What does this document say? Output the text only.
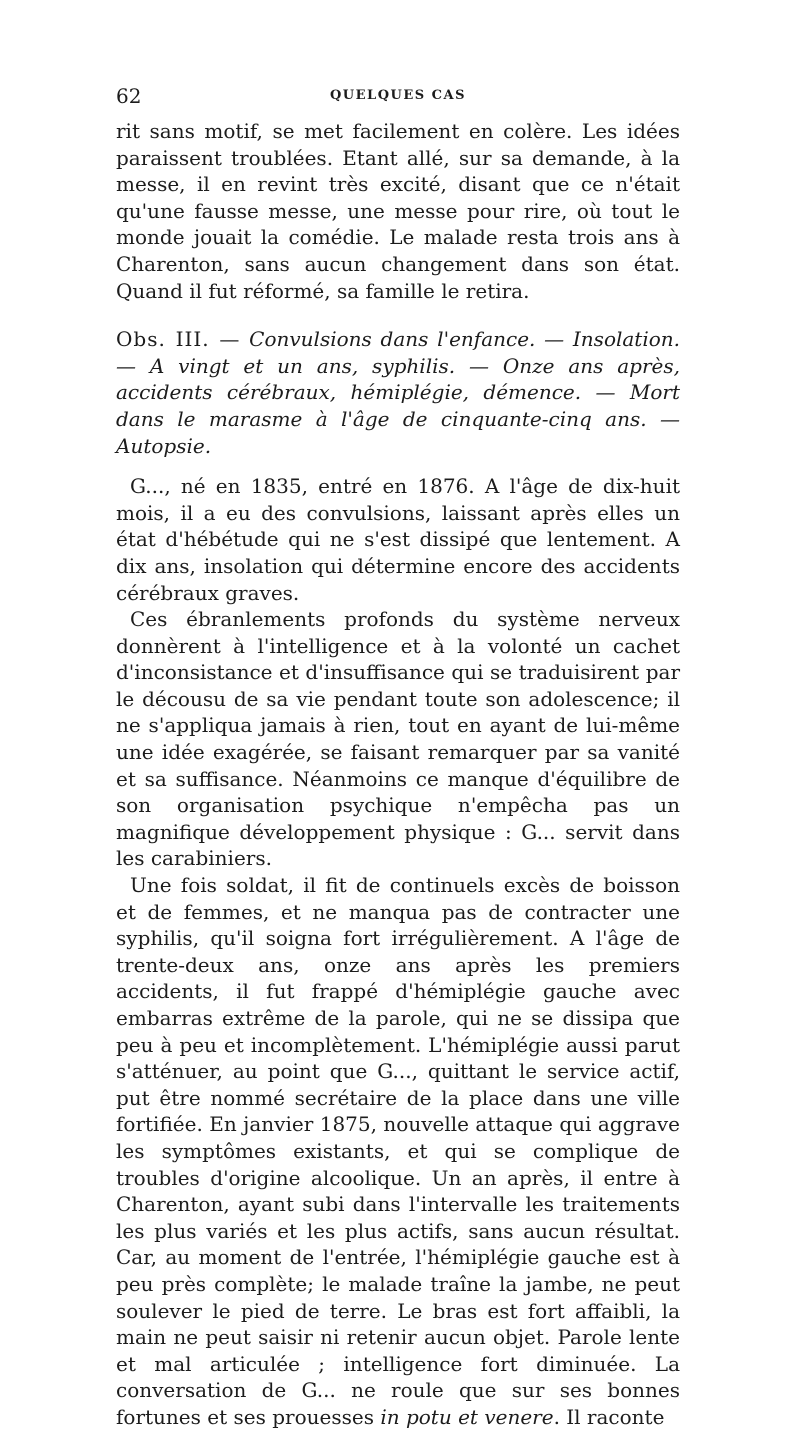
62	QUELQUES CAS

rit sans motif, se met facilement en colère. Les idées paraissent troublées. Etant allé, sur sa demande, à la messe, il en revint très excité, disant que ce n'était qu'une fausse messe, une messe pour rire, où tout le monde jouait la comédie. Le malade resta trois ans à Charenton, sans aucun changement dans son état. Quand il fut réformé, sa famille le retira.

Obs. III. — Convulsions dans l'enfance. — Insolation. — A vingt et un ans, syphilis. — Onze ans après, accidents cérébraux, hémiplégie, démence. — Mort dans le marasme à l'âge de cinquante-cinq ans. — Autopsie.

G..., né en 1835, entré en 1876. A l'âge de dix-huit mois, il a eu des convulsions, laissant après elles un état d'hébétude qui ne s'est dissipé que lentement. A dix ans, insolation qui détermine encore des accidents cérébraux graves.

Ces ébranlements profonds du système nerveux donnèrent à l'intelligence et à la volonté un cachet d'inconsistance et d'insuffisance qui se traduisirent par le décousu de sa vie pendant toute son adolescence; il ne s'appliqua jamais à rien, tout en ayant de lui-même une idée exagérée, se faisant remarquer par sa vanité et sa suffisance. Néanmoins ce manque d'équilibre de son organisation psychique n'empêcha pas un magnifique développement physique : G... servit dans les carabiniers.

Une fois soldat, il fit de continuels excès de boisson et de femmes, et ne manqua pas de contracter une syphilis, qu'il soigna fort irrégulièrement. A l'âge de trente-deux ans, onze ans après les premiers accidents, il fut frappé d'hémiplégie gauche avec embarras extrême de la parole, qui ne se dissipa que peu à peu et incomplètement. L'hémiplégie aussi parut s'atténuer, au point que G..., quittant le service actif, put être nommé secrétaire de la place dans une ville fortifiée. En janvier 1875, nouvelle attaque qui aggrave les symptômes existants, et qui se complique de troubles d'origine alcoolique. Un an après, il entre à Charenton, ayant subi dans l'intervalle les traitements les plus variés et les plus actifs, sans aucun résultat. Car, au moment de l'entrée, l'hémiplégie gauche est à peu près complète; le malade traîne la jambe, ne peut soulever le pied de terre. Le bras est fort affaibli, la main ne peut saisir ni retenir aucun objet. Parole lente et mal articulée ; intelligence fort diminuée. La conversation de G... ne roule que sur ses bonnes fortunes et ses prouesses in potu et venere. Il raconte
